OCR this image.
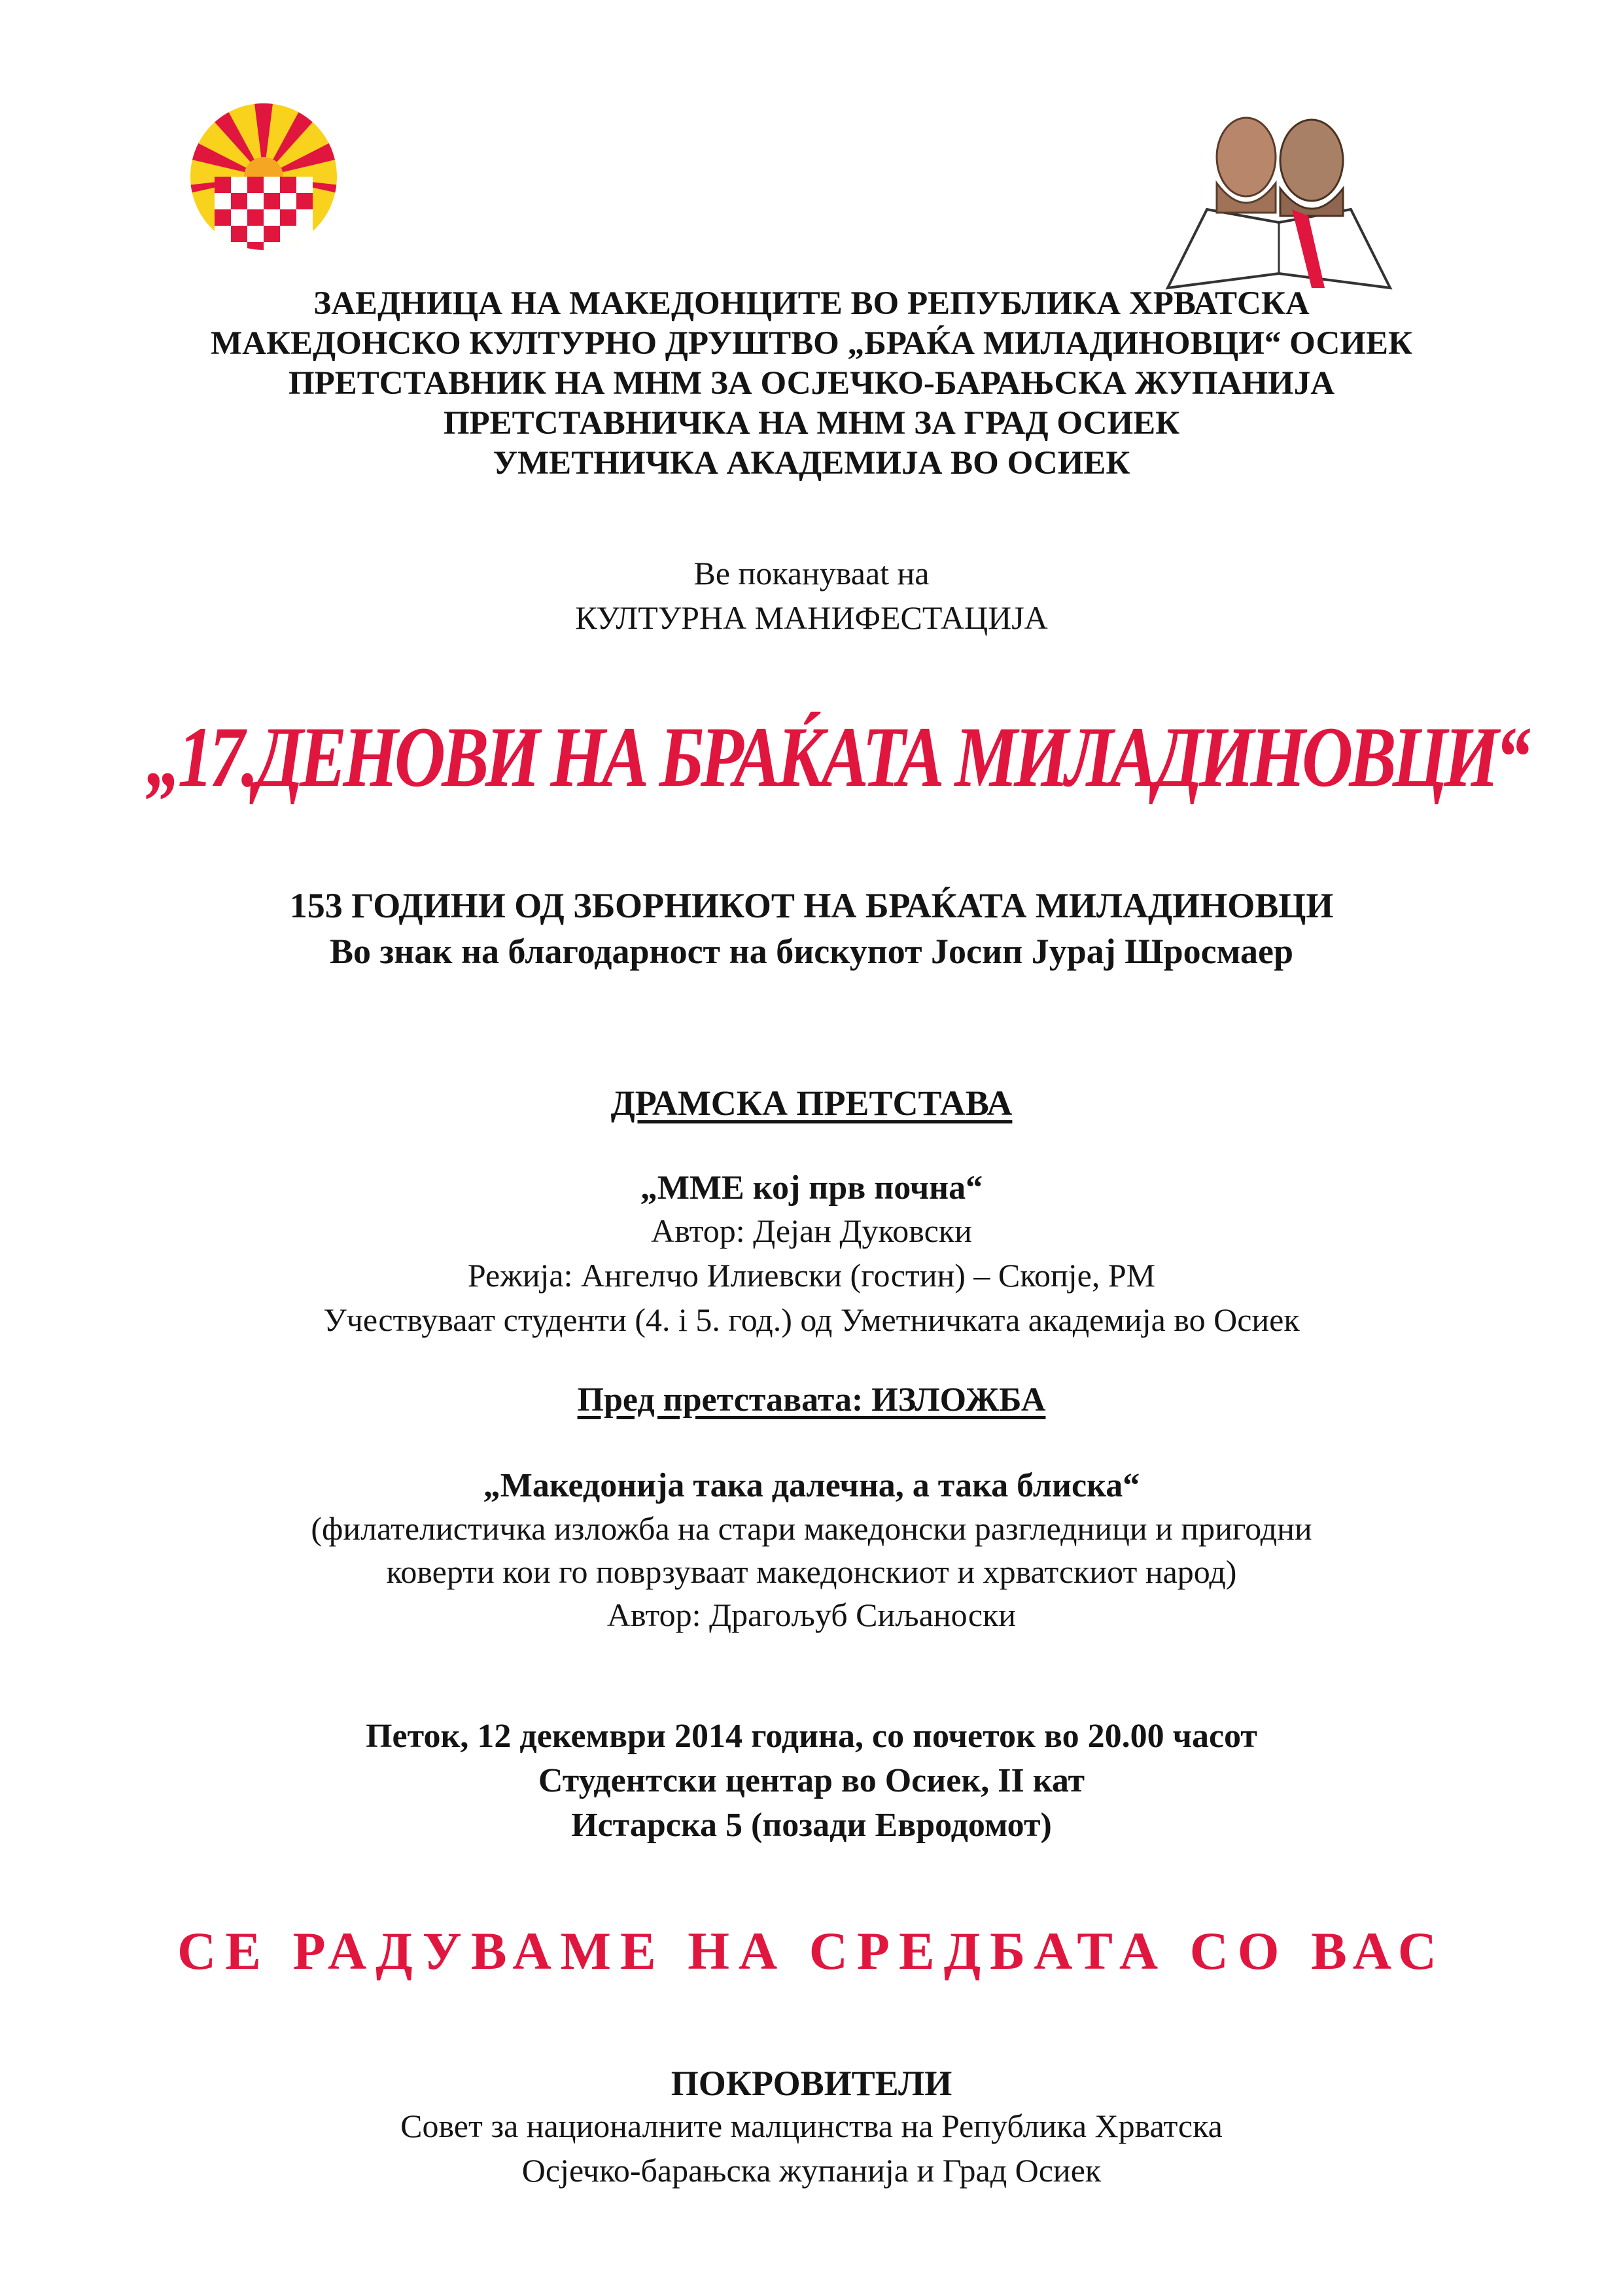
ЗАЕДНИЦА НА МАКЕДОНЦИТЕ ВО РЕПУБЛИКА ХРВАТСКА
МАКЕДОНСКО КУЛТУРНО ДРУШТВО „БРАЌА МИЛАДИНОВЦИ“ ОСИЕК
ПРЕТСТАВНИК НА МНМ ЗА ОСЈЕЧКО-БАРАЊСКА ЖУПАНИЈА
ПРЕТСТАВНИЧКА НА МНМ ЗА ГРАД ОСИЕК
УМЕТНИЧКА АКАДЕМИЈА ВО ОСИЕК
Ве поканувааt на
КУЛТУРНА МАНИФЕСТАЦИЈА
„17.ДЕНОВИ НА БРАЌАТА МИЛАДИНОВЦИ“
153 ГОДИНИ ОД ЗБОРНИКОТ НА БРАЌАТА МИЛАДИНОВЦИ
Во знак на благодарност на бискупот Јосип Јурај Шросмаер
ДРАМСКА ПРЕТСТАВА
„ММЕ кој прв почна“
Автор: Дејан Дуковски
Режија: Ангелчо Илиевски (гостин) – Скопје, РМ
Учествуваат студенти (4. i 5. год.) од Уметничката академија во Осиек
Пред претставата: ИЗЛОЖБА
„Македонија така далечна, а така блиска“
(филателистичка изложба на стари македонски разгледници и пригодни
коверти кои го поврзуваат македонскиот и хрватскиот народ)
Автор: Драгољуб Сиљаноски
Петок, 12 декември 2014 година, со почеток во 20.00 часот
Студентски центар во Осиек, II кат
Истарска 5 (позади Евродомот)
СЕ РАДУВАМЕ НА СРЕДБАТА СО ВАС
ПОКРОВИТЕЛИ
Совет за националните малцинства на Република Хрватска
Осјечко-барањска жупанија и Град Осиек
